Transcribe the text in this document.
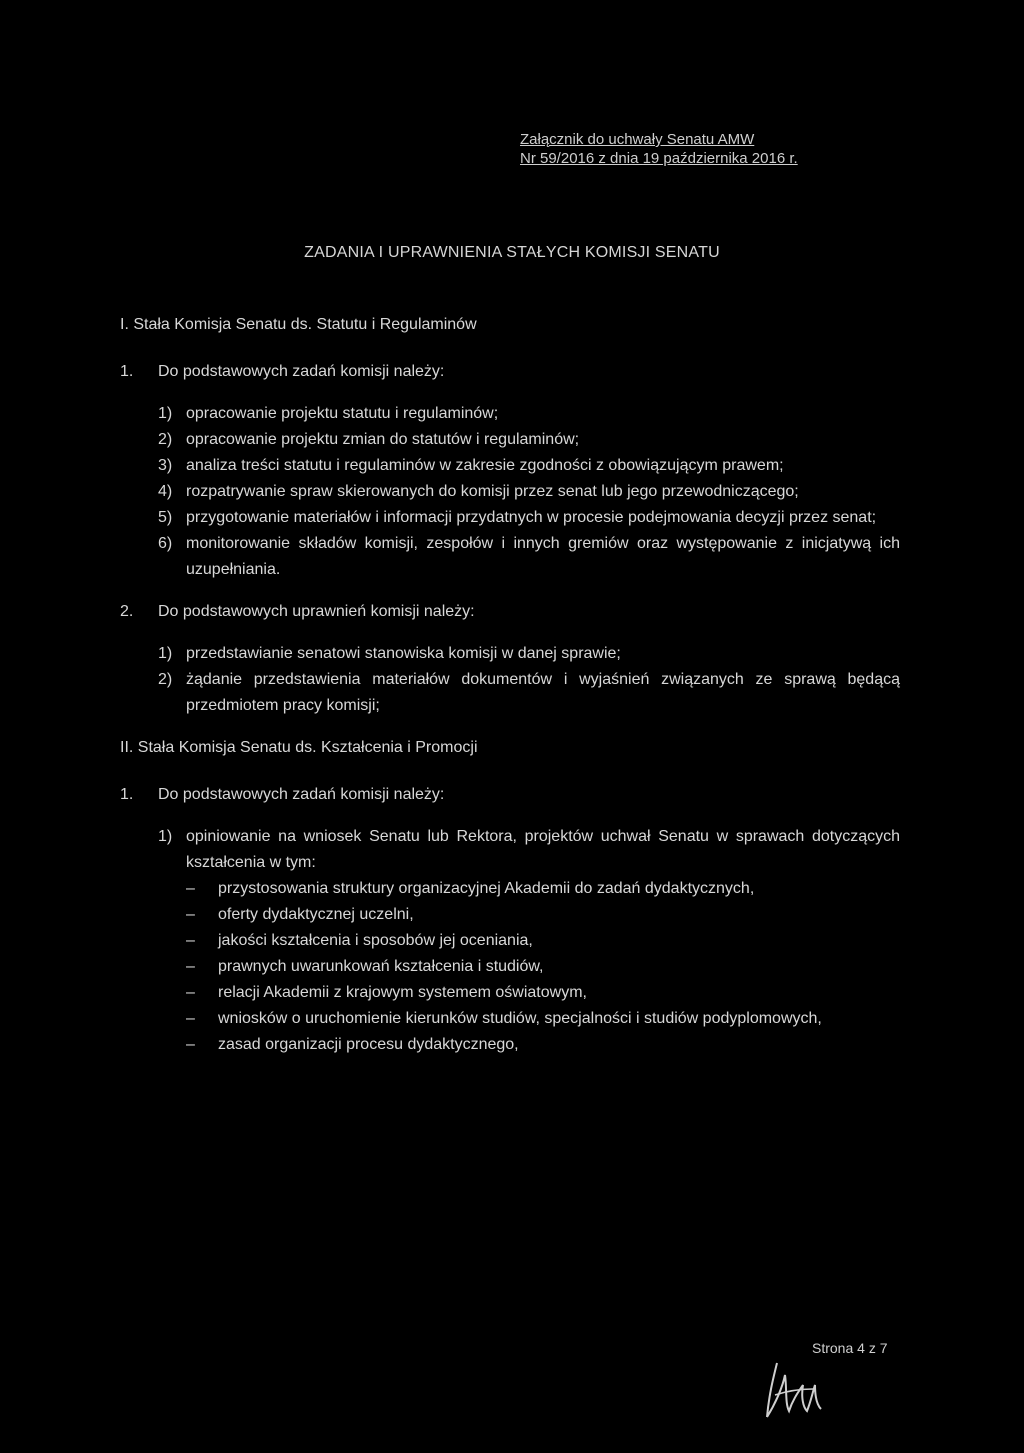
Załącznik do uchwały Senatu AMW
Nr 59/2016 z dnia 19 października 2016 r.
ZADANIA I UPRAWNIENIA STAŁYCH KOMISJI SENATU
I. Stała Komisja Senatu ds. Statutu i Regulaminów
1.	Do podstawowych zadań komisji należy:
1) opracowanie projektu statutu i regulaminów;
2) opracowanie projektu zmian do statutów i regulaminów;
3) analiza treści statutu i regulaminów w zakresie zgodności z obowiązującym prawem;
4) rozpatrywanie spraw skierowanych do komisji przez senat lub jego przewodniczącego;
5) przygotowanie materiałów i informacji przydatnych w procesie podejmowania decyzji przez senat;
6) monitorowanie składów komisji, zespołów i innych gremiów oraz występowanie z inicjatywą ich uzupełniania.
2.	Do podstawowych uprawnień komisji należy:
1) przedstawianie senatowi stanowiska komisji w danej sprawie;
2) żądanie przedstawienia materiałów dokumentów i wyjaśnień związanych ze sprawą będącą przedmiotem pracy komisji;
II. Stała Komisja Senatu ds. Kształcenia i Promocji
1.	Do podstawowych zadań komisji należy:
1) opiniowanie na wniosek Senatu lub Rektora, projektów uchwał Senatu w sprawach dotyczących kształcenia w tym:
–	przystosowania struktury organizacyjnej Akademii do zadań dydaktycznych,
–	oferty dydaktycznej uczelni,
–	jakości kształcenia i sposobów jej oceniania,
–	prawnych uwarunkowań kształcenia i studiów,
–	relacji Akademii z krajowym systemem oświatowym,
–	wniosków o uruchomienie kierunków studiów, specjalności i studiów podyplomowych,
–	zasad organizacji procesu dydaktycznego,
Strona 4 z 7
